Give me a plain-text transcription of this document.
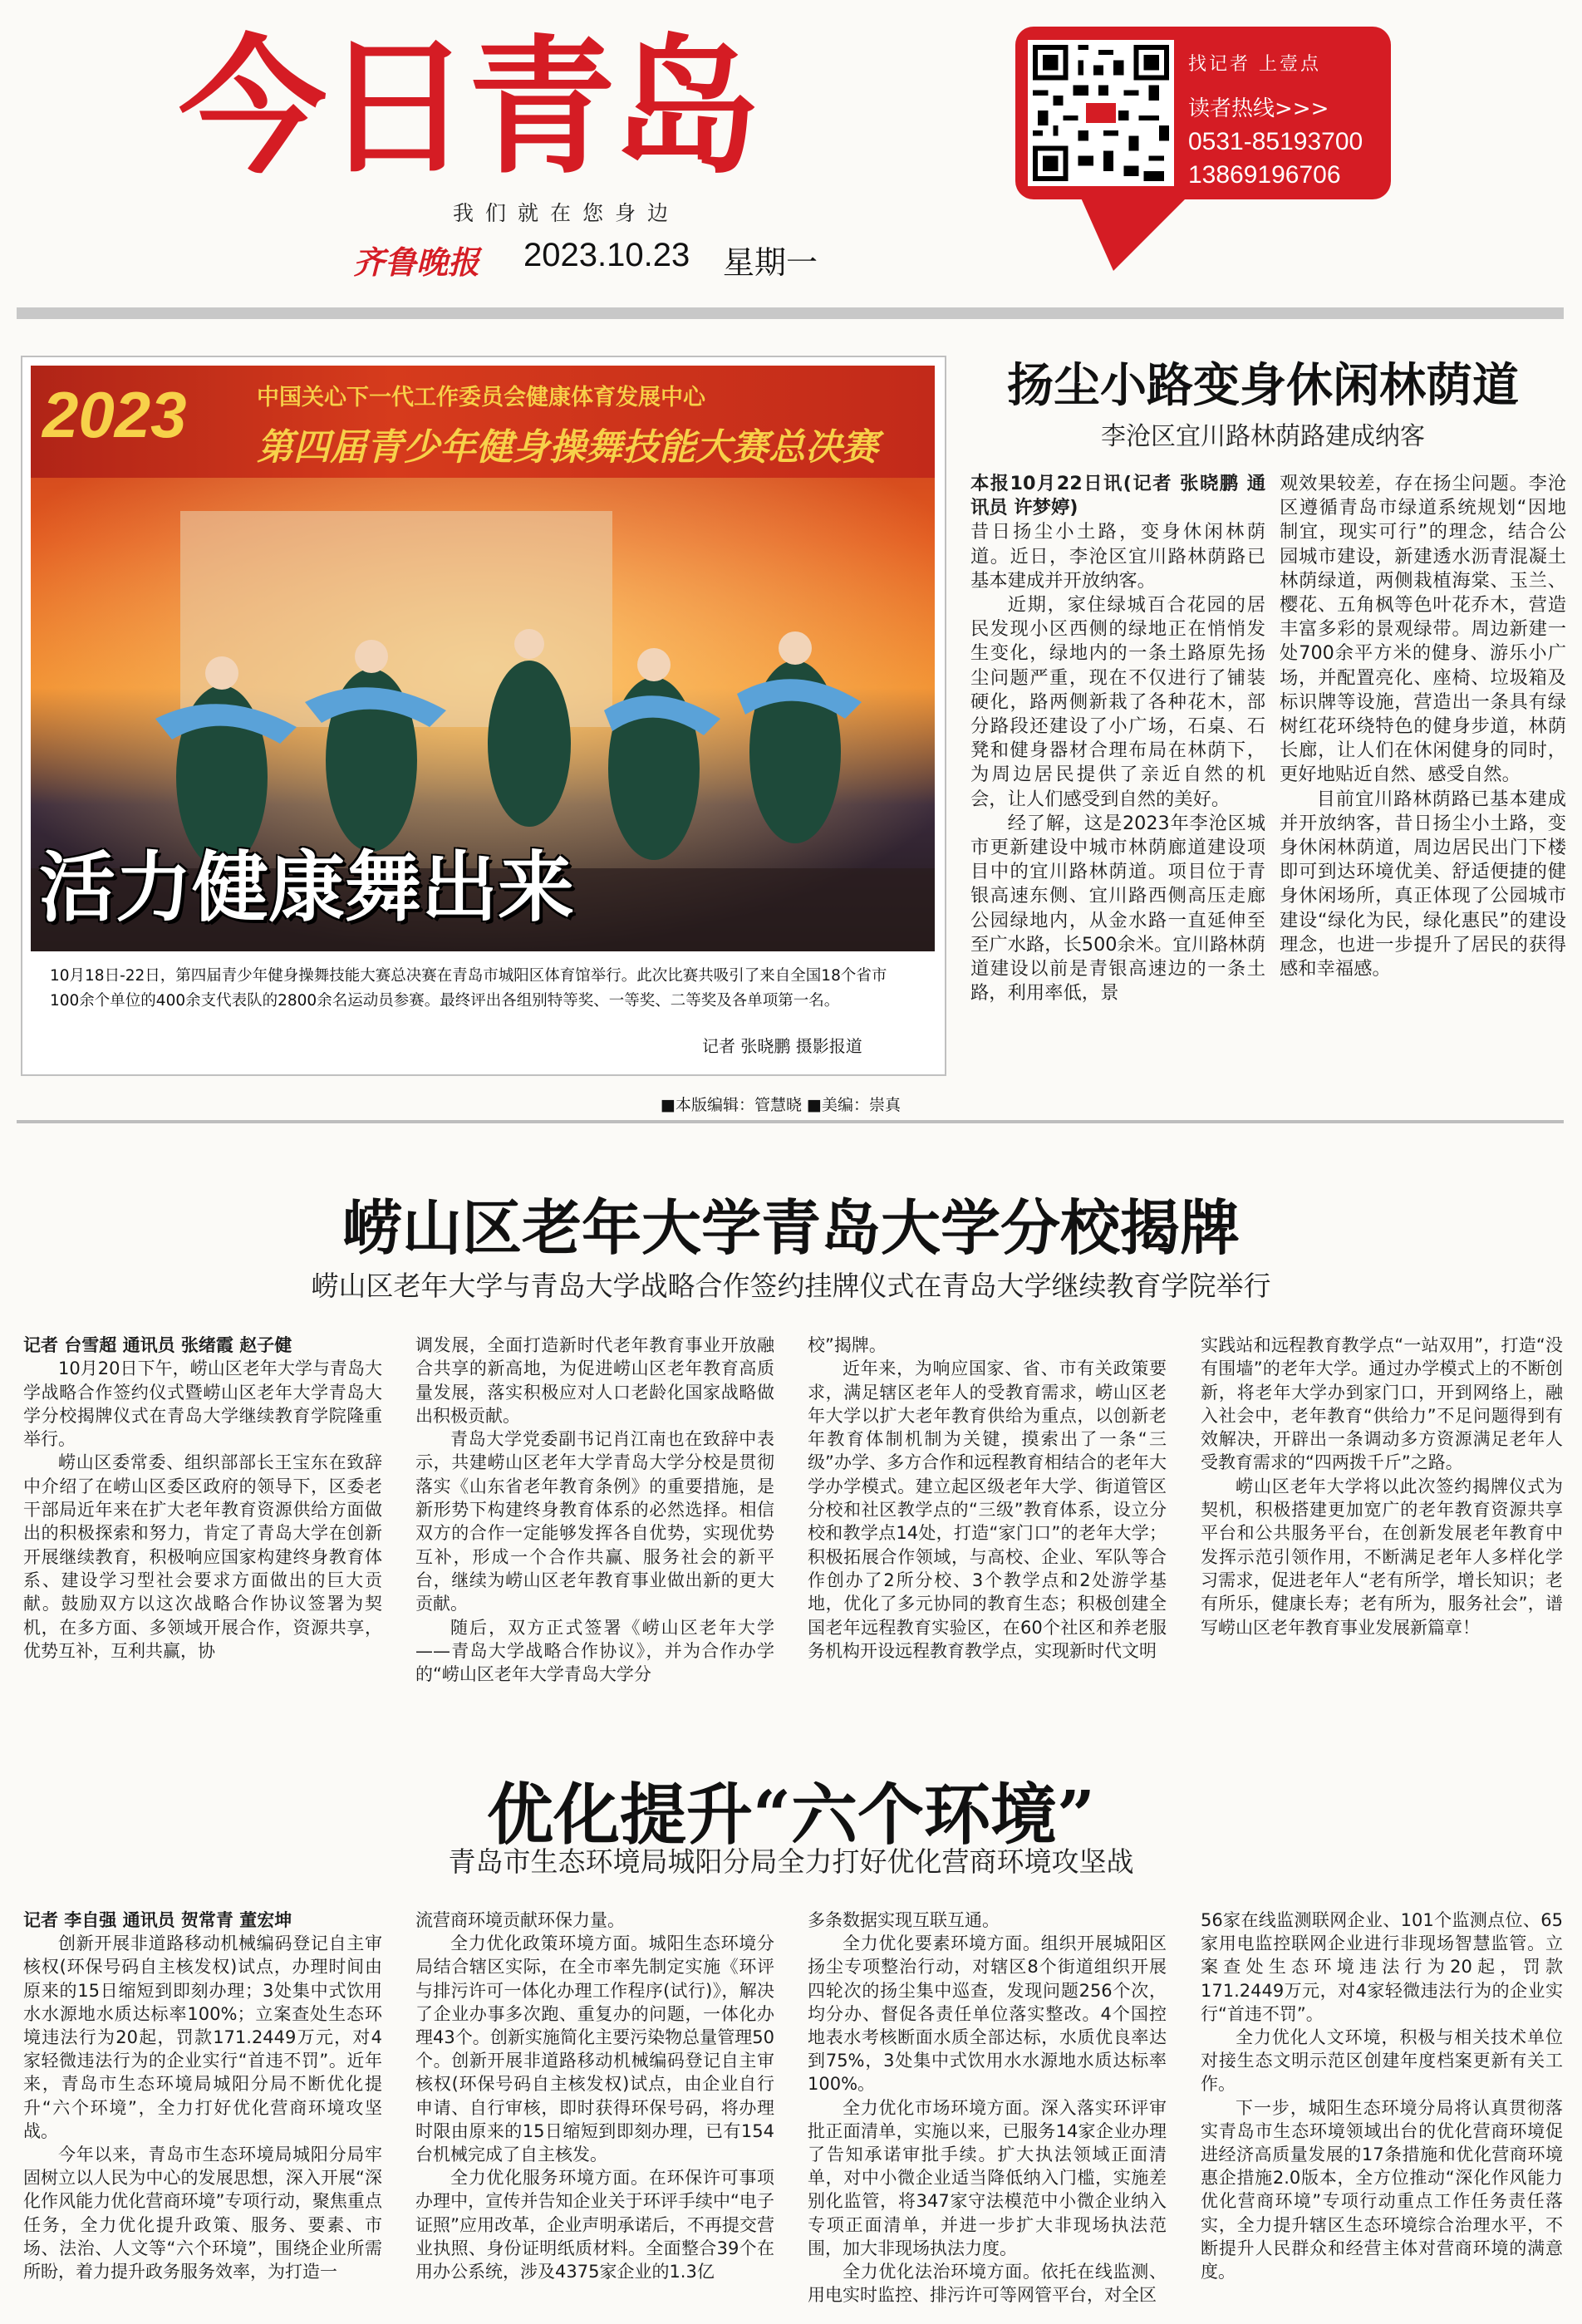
今日青岛
我们就在您身边
齐鲁晚报 2023.10.23 星期一
找记者 上壹点
读者热线>>>
0531-85193700
13869196706
2023	中国关心下一代工作委员会健康体育发展中心
第四届青少年健身操舞技能大赛总决赛
活力健康舞出来
10月18日-22日，第四届青少年健身操舞技能大赛总决赛在青岛市城阳区体育馆举行。此次比赛共吸引了来自全国18个省市100余个单位的400余支代表队的2800余名运动员参赛。最终评出各组别特等奖、一等奖、二等奖及各单项第一名。
记者 张晓鹏 摄影报道
扬尘小路变身休闲林荫道
李沧区宜川路林荫路建成纳客

本报10月22日讯(记者 张晓鹏 通讯员 许梦婷)

昔日扬尘小土路，变身休闲林荫道。近日，李沧区宜川路林荫路已基本建成并开放纳客。

近期，家住绿城百合花园的居民发现小区西侧的绿地正在悄悄发生变化，绿地内的一条土路原先扬尘问题严重，现在不仅进行了铺装硬化，路两侧新栽了各种花木，部分路段还建设了小广场，石桌、石凳和健身器材合理布局在林荫下，为周边居民提供了亲近自然的机会，让人们感受到自然的美好。

经了解，这是2023年李沧区城市更新建设中城市林荫廊道建设项目中的宜川路林荫道。项目位于青银高速东侧、宜川路西侧高压走廊公园绿地内，从金水路一直延伸至至广水路，长500余米。宜川路林荫道建设以前是青银高速边的一条土路，利用率低，景

观效果较差，存在扬尘问题。李沧区遵循青岛市绿道系统规划“因地制宜，现实可行”的理念，结合公园城市建设，新建透水沥青混凝土林荫绿道，两侧栽植海棠、玉兰、樱花、五角枫等色叶花乔木，营造丰富多彩的景观绿带。周边新建一处700余平方米的健身、游乐小广场，并配置亮化、座椅、垃圾箱及标识牌等设施，营造出一条具有绿树红花环绕特色的健身步道，林荫长廊，让人们在休闲健身的同时，更好地贴近自然、感受自然。

目前宜川路林荫路已基本建成并开放纳客，昔日扬尘小土路，变身休闲林荫道，周边居民出门下楼即可到达环境优美、舒适便捷的健身休闲场所，真正体现了公园城市建设“绿化为民，绿化惠民”的建设理念，也进一步提升了居民的获得感和幸福感。

■本版编辑：管慧晓 ■美编：崇真
崂山区老年大学青岛大学分校揭牌
崂山区老年大学与青岛大学战略合作签约挂牌仪式在青岛大学继续教育学院举行

记者 台雪超 通讯员 张绪霞 赵子健

10月20日下午，崂山区老年大学与青岛大学战略合作签约仪式暨崂山区老年大学青岛大学分校揭牌仪式在青岛大学继续教育学院隆重举行。

崂山区委常委、组织部部长王宝东在致辞中介绍了在崂山区委区政府的领导下，区委老干部局近年来在扩大老年教育资源供给方面做出的积极探索和努力，肯定了青岛大学在创新开展继续教育，积极响应国家构建终身教育体系、建设学习型社会要求方面做出的巨大贡献。鼓励双方以这次战略合作协议签署为契机，在多方面、多领域开展合作，资源共享，优势互补，互利共赢，协

调发展，全面打造新时代老年教育事业开放融合共享的新高地，为促进崂山区老年教育高质量发展，落实积极应对人口老龄化国家战略做出积极贡献。

青岛大学党委副书记肖江南也在致辞中表示，共建崂山区老年大学青岛大学分校是贯彻落实《山东省老年教育条例》的重要措施，是新形势下构建终身教育体系的必然选择。相信双方的合作一定能够发挥各自优势，实现优势互补，形成一个合作共赢、服务社会的新平台，继续为崂山区老年教育事业做出新的更大贡献。

随后，双方正式签署《崂山区老年大学——青岛大学战略合作协议》，并为合作办学的“崂山区老年大学青岛大学分

校”揭牌。

近年来，为响应国家、省、市有关政策要求，满足辖区老年人的受教育需求，崂山区老年大学以扩大老年教育供给为重点，以创新老年教育体制机制为关键，摸索出了一条“三级”办学、多方合作和远程教育相结合的老年大学办学模式。建立起区级老年大学、街道管区分校和社区教学点的“三级”教育体系，设立分校和教学点14处，打造“家门口”的老年大学；积极拓展合作领域，与高校、企业、军队等合作创办了2所分校、3个教学点和2处游学基地，优化了多元协同的教育生态；积极创建全国老年远程教育实验区，在60个社区和养老服务机构开设远程教育教学点，实现新时代文明

实践站和远程教育教学点“一站双用”，打造“没有围墙”的老年大学。通过办学模式上的不断创新，将老年大学办到家门口，开到网络上，融入社会中，老年教育“供给力”不足问题得到有效解决，开辟出一条调动多方资源满足老年人受教育需求的“四两拨千斤”之路。

崂山区老年大学将以此次签约揭牌仪式为契机，积极搭建更加宽广的老年教育资源共享平台和公共服务平台，在创新发展老年教育中发挥示范引领作用，不断满足老年人多样化学习需求，促进老年人“老有所学，增长知识；老有所乐，健康长寿；老有所为，服务社会”，谱写崂山区老年教育事业发展新篇章！

优化提升“六个环境”
青岛市生态环境局城阳分局全力打好优化营商环境攻坚战

记者 李自强 通讯员 贺常青 董宏坤

创新开展非道路移动机械编码登记自主审核权(环保号码自主核发权)试点，办理时间由原来的15日缩短到即刻办理；3处集中式饮用水水源地水质达标率100%；立案查处生态环境违法行为20起，罚款171.2449万元，对4家轻微违法行为的企业实行“首违不罚”。近年来，青岛市生态环境局城阳分局不断优化提升“六个环境”，全力打好优化营商环境攻坚战。

今年以来，青岛市生态环境局城阳分局牢固树立以人民为中心的发展思想，深入开展“深化作风能力优化营商环境”专项行动，聚焦重点任务，全力优化提升政策、服务、要素、市场、法治、人文等“六个环境”，围绕企业所需所盼，着力提升政务服务效率，为打造一

流营商环境贡献环保力量。

全力优化政策环境方面。城阳生态环境分局结合辖区实际，在全市率先制定实施《环评与排污许可一体化办理工作程序(试行)》，解决了企业办事多次跑、重复办的问题，一体化办理43个。创新实施简化主要污染物总量管理50个。创新开展非道路移动机械编码登记自主审核权(环保号码自主核发权)试点，由企业自行申请、自行审核，即时获得环保号码，将办理时限由原来的15日缩短到即刻办理，已有154台机械完成了自主核发。

全力优化服务环境方面。在环保许可事项办理中，宣传并告知企业关于环评手续中“电子证照”应用改革，企业声明承诺后，不再提交营业执照、身份证明纸质材料。全面整合39个在用办公系统，涉及4375家企业的1.3亿

多条数据实现互联互通。

全力优化要素环境方面。组织开展城阳区扬尘专项整治行动，对辖区8个街道组织开展四轮次的扬尘集中巡查，发现问题256个次，均分办、督促各责任单位落实整改。4个国控地表水考核断面水质全部达标，水质优良率达到75%，3处集中式饮用水水源地水质达标率100%。

全力优化市场环境方面。深入落实环评审批正面清单，实施以来，已服务14家企业办理了告知承诺审批手续。扩大执法领域正面清单，对中小微企业适当降低纳入门槛，实施差别化监管，将347家守法模范中小微企业纳入专项正面清单，并进一步扩大非现场执法范围，加大非现场执法力度。

全力优化法治环境方面。依托在线监测、用电实时监控、排污许可等网管平台，对全区

56家在线监测联网企业、101个监测点位、65家用电监控联网企业进行非现场智慧监管。立案查处生态环境违法行为20起，罚款171.2449万元，对4家轻微违法行为的企业实行“首违不罚”。

全力优化人文环境，积极与相关技术单位对接生态文明示范区创建年度档案更新有关工作。

下一步，城阳生态环境分局将认真贯彻落实青岛市生态环境领域出台的优化营商环境促进经济高质量发展的17条措施和优化营商环境惠企措施2.0版本，全方位推动“深化作风能力优化营商环境”专项行动重点工作任务责任落实，全力提升辖区生态环境综合治理水平，不断提升人民群众和经营主体对营商环境的满意度。
